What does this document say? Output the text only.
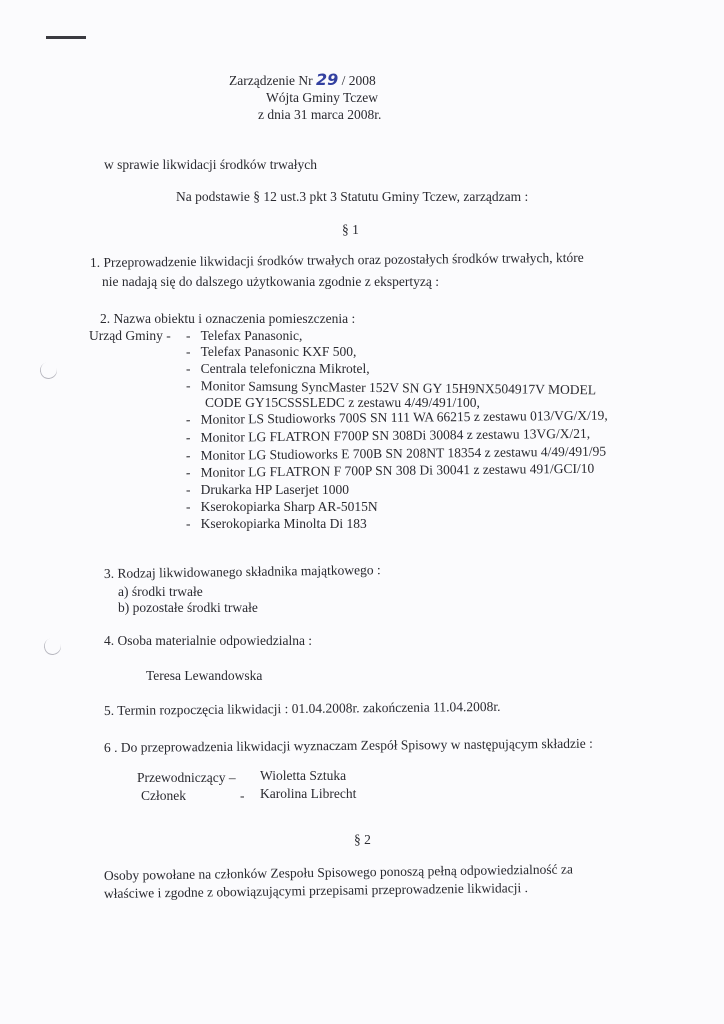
Zarządzenie Nr 29 / 2008
Wójta Gminy Tczew
z dnia 31 marca 2008r.
w sprawie likwidacji środków trwałych
Na podstawie § 12 ust.3 pkt 3 Statutu Gminy Tczew, zarządzam :
§ 1
1. Przeprowadzenie likwidacji środków trwałych oraz pozostałych środków trwałych, które
nie nadają się do dalszego użytkowania zgodnie z ekspertyzą :
2. Nazwa obiektu i oznaczenia pomieszczenia :
Urząd Gminy - -   Telefax Panasonic,
-   Telefax Panasonic KXF 500,
-   Centrala telefoniczna Mikrotel,
-   Monitor Samsung SyncMaster 152V SN GY 15H9NX504917V MODEL
CODE GY15CSSSLEDC z zestawu 4/49/491/100,
-   Monitor LS Studioworks 700S SN 111 WA 66215 z zestawu 013/VG/X/19,
-   Monitor LG FLATRON F700P SN 308Di 30084 z zestawu 13VG/X/21,
-   Monitor LG Studioworks E 700B SN 208NT 18354 z zestawu 4/49/491/95
-   Monitor LG FLATRON F 700P SN 308 Di 30041 z zestawu 491/GCI/10
-   Drukarka HP Laserjet 1000
-   Kserokopiarka Sharp AR-5015N
-   Kserokopiarka Minolta Di 183
3. Rodzaj likwidowanego składnika majątkowego :
a) środki trwałe
b) pozostałe środki trwałe
4. Osoba materialnie odpowiedzialna :
Teresa Lewandowska
5. Termin rozpoczęcia likwidacji : 01.04.2008r. zakończenia 11.04.2008r.
6 . Do przeprowadzenia likwidacji wyznaczam Zespół Spisowy w następującym składzie :
Przewodniczący – Wioletta Sztuka
Członek	- Karolina Librecht
§ 2
Osoby powołane na członków Zespołu Spisowego ponoszą pełną odpowiedzialność za
właściwe i zgodne z obowiązującymi przepisami przeprowadzenie likwidacji .
